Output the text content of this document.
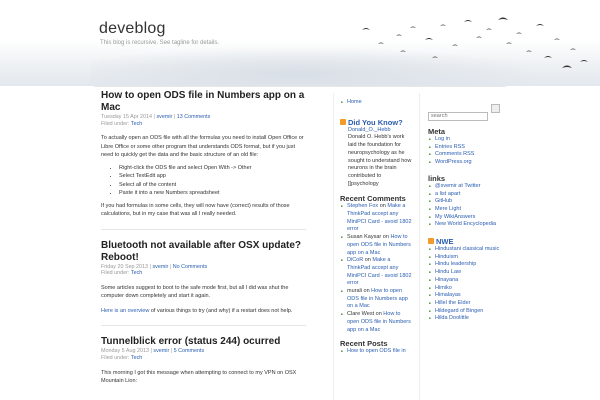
deveblog
This blog is recursive. See tagline for details.
How to open ODS file in Numbers app on a Mac
Tuesday 15 Apr 2014 | svemir | 13 Comments
Filed under: Tech

To actually open an ODS file with all the formulas you need to install Open Office or Libre Office or some other program that understands ODS format, but if you just need to quickly get the data and the basic structure of an old file:

• Right-click the ODS file and select Open With -> Other
• Select TextEdit app
• Select all of the content
• Paste it into a new Numbers spreadsheet

If you had formulas in some cells, they will now have (correct) results of those calculations, but in my case that was all I really needed.

Bluetooth not available after OSX update? Reboot!
Friday 20 Sep 2013 | svemir | No Comments
Filed under: Tech

Some articles suggest to boot to the safe mode first, but all I did was shut the computer down completely and start it again.

Here is an overview of various things to try (and why) if a restart does not help.

Tunnelblick error (status 244) ocurred
Monday 5 Aug 2013 | svemir | 5 Comments
Filed under: Tech

This morning I got this message when attempting to connect to my VPN on OSX Mountain Lion:

■ Home
Did You Know?
Donald_O._Hebb
Donald O. Hebb's work laid the foundation for neuropsychology as he sought to understand how neurons in the brain contributed to [[psychology
Recent Comments
■ Stephen Fox on Make a ThinkPad accept any MiniPCI Card - avoid 1802 error
■ Susan Kaysar on How to open ODS file in Numbers app on a Mac
■ DiCoR on Make a ThinkPad accept any MiniPCI Card - avoid 1802 error
■ murali on How to open ODS file in Numbers app on a Mac
■ Clare West on How to open ODS file in Numbers app on a Mac
Recent Posts
■ How to open ODS file in
search
Meta
■ Log in
■ Entries RSS
■ Comments RSS
■ WordPress.org
links
■ @svemir at Twitter
■ a list apart
■ GitHub
■ Mere Light
■ My WikiAnswers
■ New World Encyclopedia
NWE
■ Hindustani classical music
■ Hinduism
■ Hindu leadership
■ Hindu Law
■ Hinayana
■ Himiko
■ Himalayas
■ Hillel the Elder
■ Hildegard of Bingen
■ Hilda Doolittle
